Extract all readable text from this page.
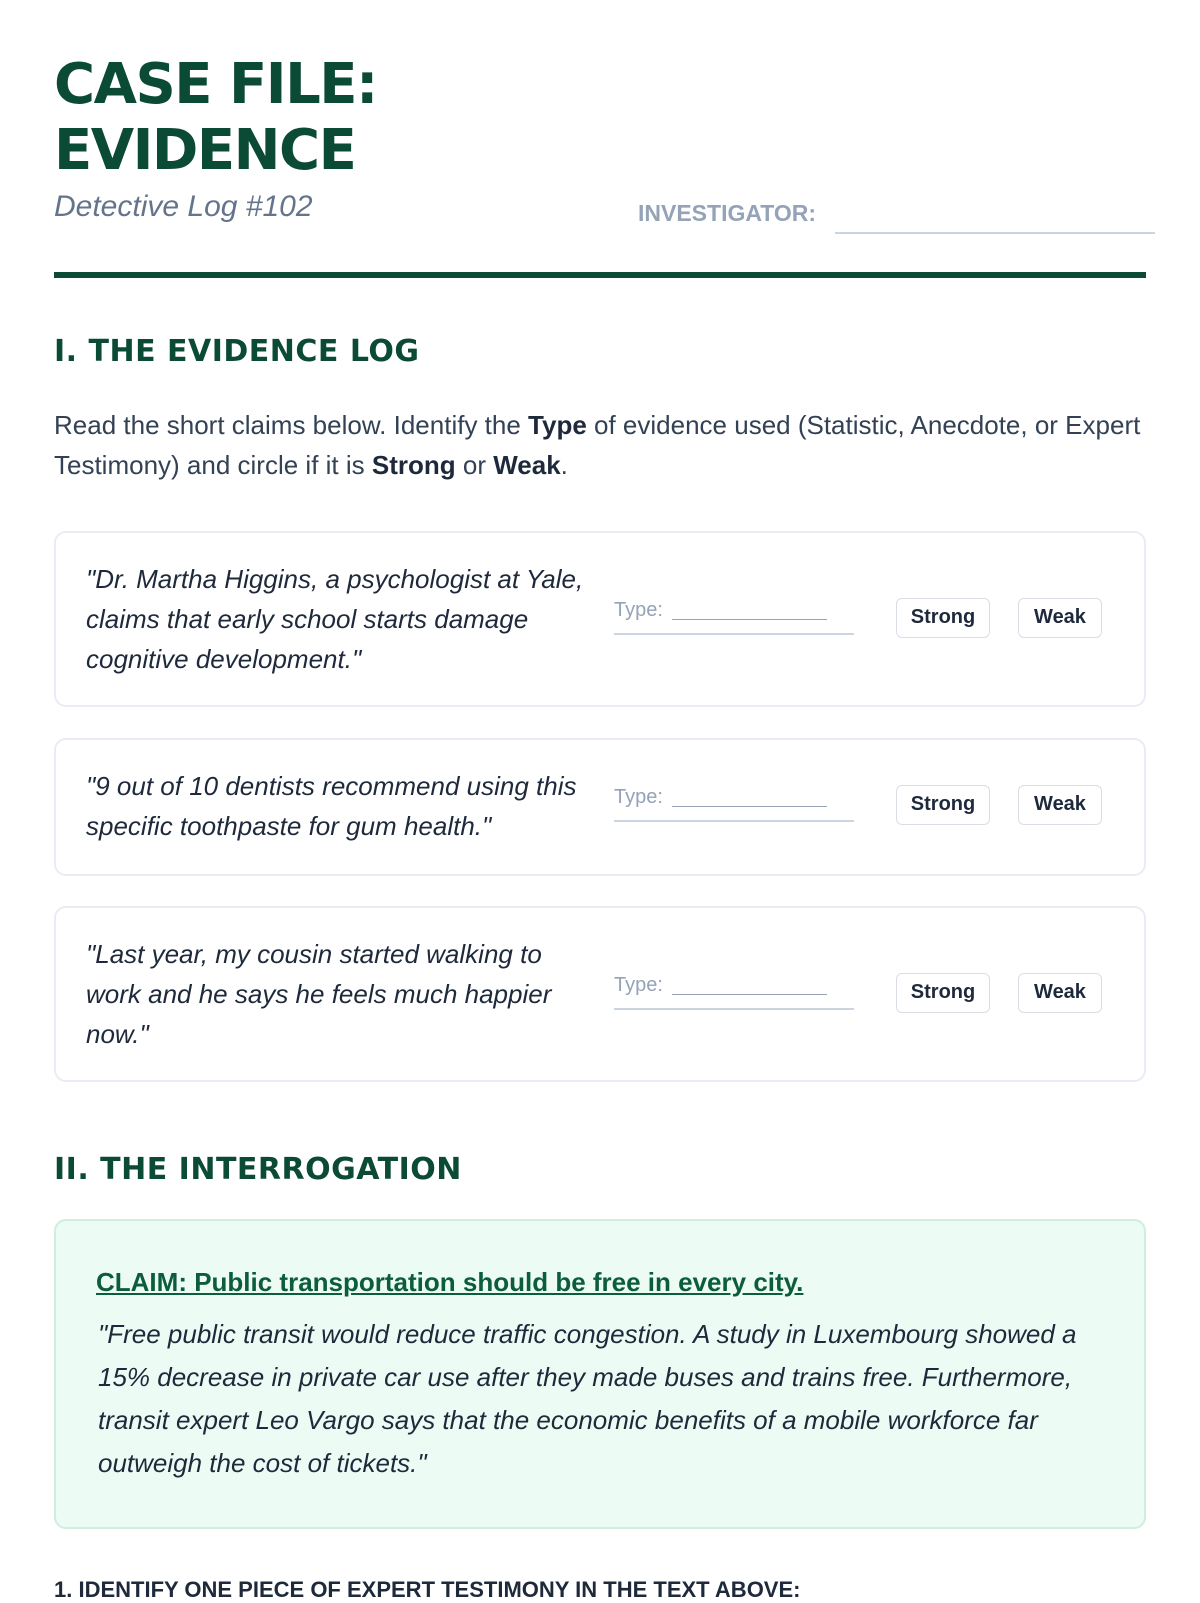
CASE FILE:
EVIDENCE
Detective Log #102	INVESTIGATOR:
I. THE EVIDENCE LOG

Read the short claims below. Identify the Type of evidence used (Statistic, Anecdote, or Expert Testimony) and circle if it is Strong or Weak.

"Dr. Martha Higgins, a psychologist at Yale, claims that early school starts damage cognitive development."
Type:	Strong	Weak
"9 out of 10 dentists recommend using this specific toothpaste for gum health."
Type:	Strong	Weak
"Last year, my cousin started walking to work and he says he feels much happier now."
Type:	Strong	Weak
II. THE INTERROGATION
CLAIM: Public transportation should be free in every city.
"Free public transit would reduce traffic congestion. A study in Luxembourg showed a 15% decrease in private car use after they made buses and trains free. Furthermore, transit expert Leo Vargo says that the economic benefits of a mobile workforce far outweigh the cost of tickets."
1. IDENTIFY ONE PIECE OF EXPERT TESTIMONY IN THE TEXT ABOVE:
